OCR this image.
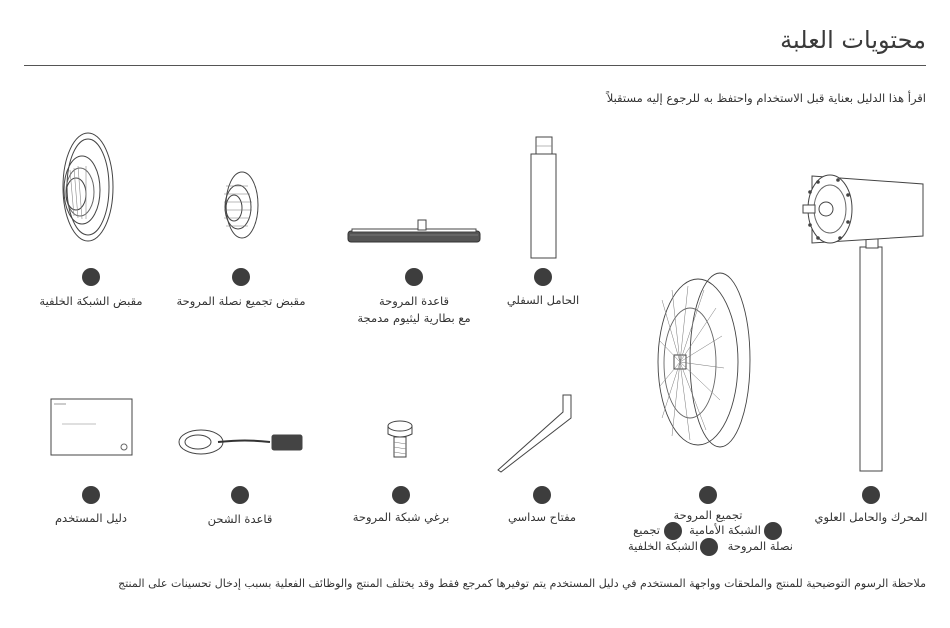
محتويات العلبة
اقرأ هذا الدليل بعناية قبل الاستخدام واحتفظ به للرجوع إليه مستقبلاً
مقبض الشبكة الخلفية	مقبض تجميع نصلة المروحة	قاعدة المروحة
مع بطارية ليثيوم مدمجة
الحامل السفلي
دليل المستخدم	قاعدة الشحن	برغي شبكة المروحة	مفتاح سداسي	تجميع المروحة	المحرك والحامل العلوي
الشبكة الأمامية
تجميع
نصلة المروحة
الشبكة الخلفية
ملاحظة الرسوم التوضيحية للمنتج والملحقات وواجهة المستخدم في دليل المستخدم يتم توفيرها كمرجع فقط وقد يختلف المنتج والوظائف الفعلية بسبب إدخال تحسينات على المنتج
